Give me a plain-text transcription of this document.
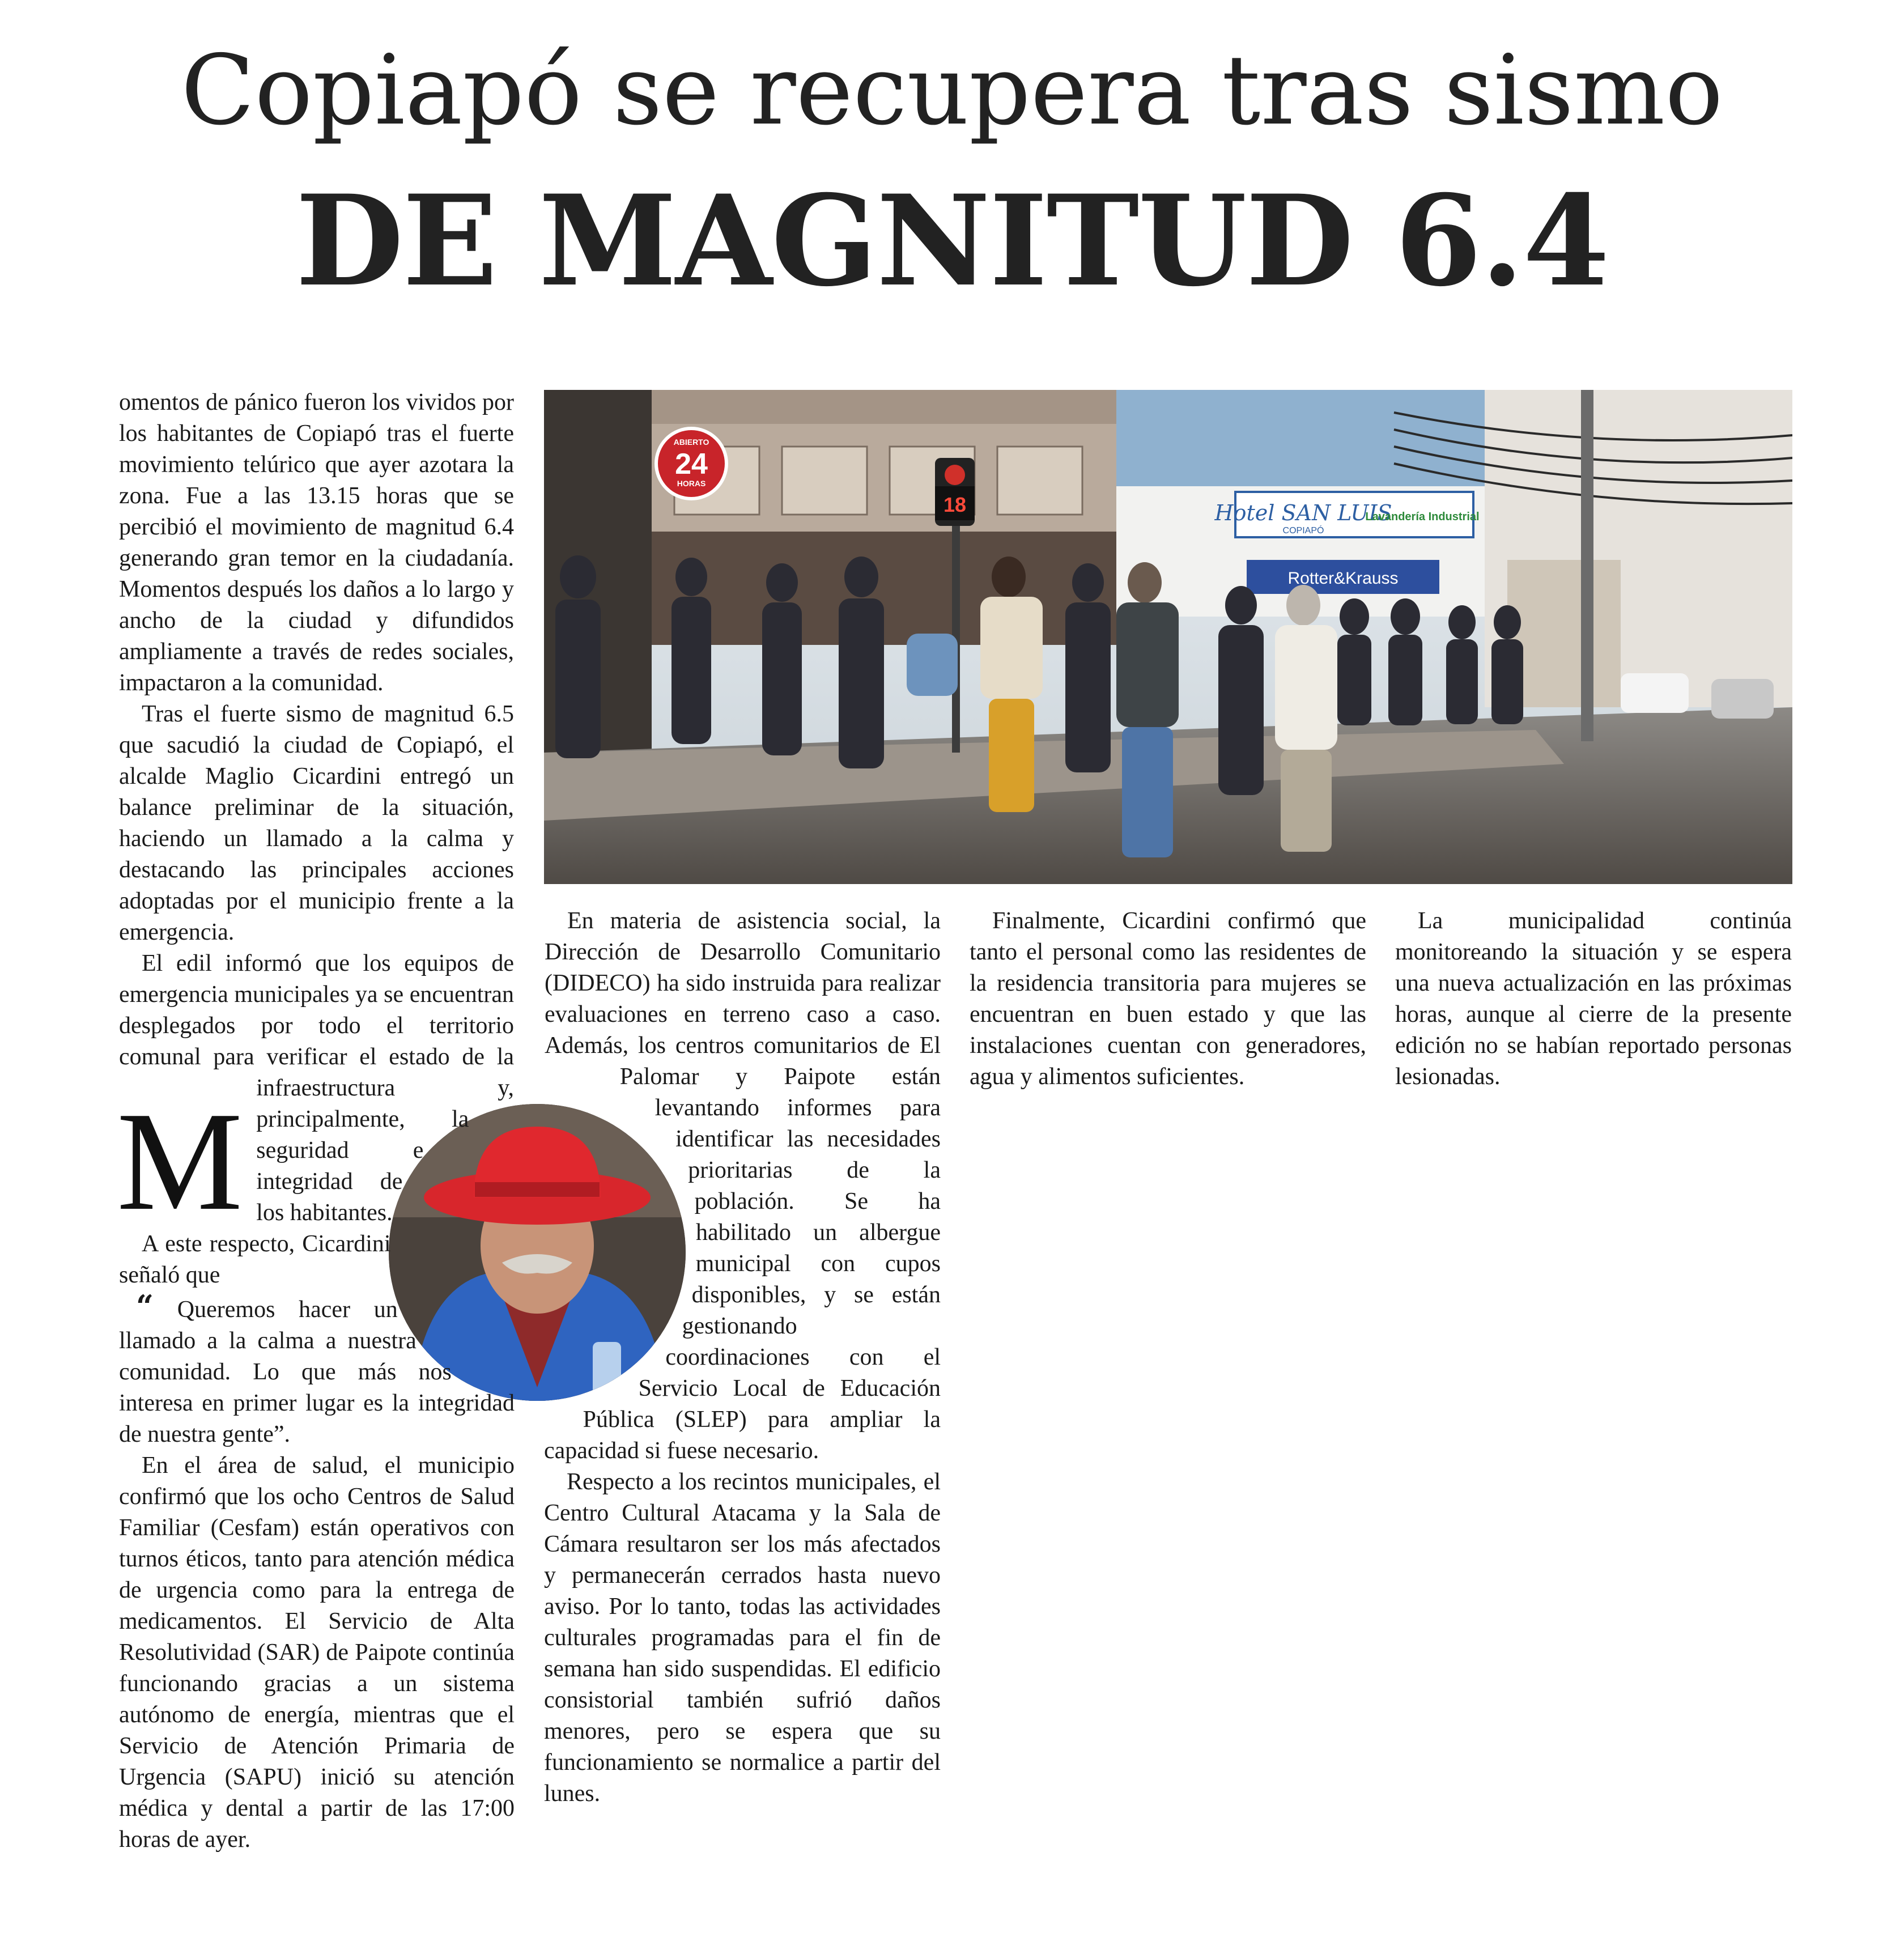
Copiapó se recupera tras sismo
DE MAGNITUD 6.4
ABIERTO
24
HORAS
18	Hotel SAN LUIS
COPIAPÓ
Lavandería Industrial
Rotter&Krauss

M
omentos de pánico fueron los vividos por los habitantes de Copiapó tras el fuerte movimiento telúrico que ayer azotara la zona. Fue a las 13.15 horas que se percibió el movimiento de magnitud 6.4 generando gran temor en la ciudadanía. Momentos después los daños a lo largo y ancho de la ciudad y difundidos ampliamente a través de redes sociales, impactaron a la comunidad.

Tras el fuerte sismo de magnitud 6.5 que sacudió la ciudad de Copiapó, el alcalde Maglio Cicardini entregó un balance preliminar de la situación, haciendo un llamado a la calma y destacando las principales acciones adoptadas por el municipio frente a la emergencia.

El edil informó que los equipos de emergencia municipales ya se encuentran desplegados por todo el territorio comunal para verificar el estado de la infraestructura y, principalmente, la seguridad e integridad de los habitantes.

A este respecto, Cicardini señaló que

“ Queremos hacer un llamado a la calma a nuestra comunidad. Lo que más nos interesa en primer lugar es la integridad de nuestra gente”.

En el área de salud, el municipio confirmó que los ocho Centros de Salud Familiar (Cesfam) están operativos con turnos éticos, tanto para atención médica de urgencia como para la entrega de medicamentos. El Servicio de Alta Resolutividad (SAR) de Paipote continúa funcionando gracias a un sistema autónomo de energía, mientras que el Servicio de Atención Primaria de Urgencia (SAPU) inició su atención médica y dental a partir de las 17:00 horas de ayer.

En materia de asistencia social, la Dirección de Desarrollo Comunitario (DIDECO) ha sido instruida para realizar evaluaciones en terreno caso a caso. Además, los centros comunitarios de El Palomar y Paipote están levantando informes para identificar las necesidades prioritarias de la población. Se ha habilitado un albergue municipal con cupos disponibles, y se están gestionando coordinaciones con el Servicio Local de Educación Pública (SLEP) para ampliar la capacidad si fuese necesario.

Respecto a los recintos municipales, el Centro Cultural Atacama y la Sala de Cámara resultaron ser los más afectados y permanecerán cerrados hasta nuevo aviso. Por lo tanto, todas las actividades culturales programadas para el fin de semana han sido suspendidas. El edificio consistorial también sufrió daños menores, pero se espera que su funcionamiento se normalice a partir del lunes.

Finalmente, Cicardini confirmó que tanto el personal como las residentes de la residencia transitoria para mujeres se encuentran en buen estado y que las instalaciones cuentan con generadores, agua y alimentos suficientes.

La municipalidad continúa monitoreando la situación y se espera una nueva actualización en las próximas horas, aunque al cierre de la presente edición no se habían reportado personas lesionadas.
